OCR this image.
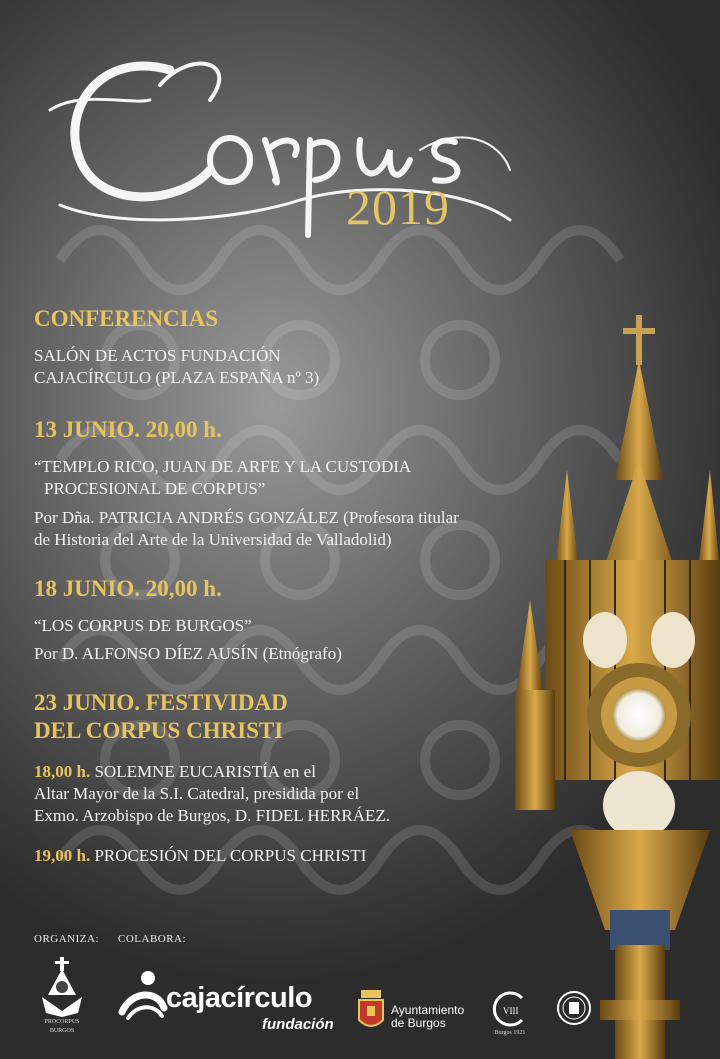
2019
CONFERENCIAS
SALÓN DE ACTOS FUNDACIÓN
CAJACÍRCULO (PLAZA ESPAÑA nº 3)
13 JUNIO. 20,00 h.
“TEMPLO RICO, JUAN DE ARFE Y LA CUSTODIA
PROCESIONAL DE CORPUS”
Por Dña. PATRICIA ANDRÉS GONZÁLEZ (Profesora titular
de Historia del Arte de la Universidad de Valladolid)
18 JUNIO. 20,00 h.
“LOS CORPUS DE BURGOS”
Por D. ALFONSO DÍEZ AUSÍN (Etnógrafo)
23 JUNIO. FESTIVIDAD
DEL CORPUS CHRISTI
18,00 h. SOLEMNE EUCARISTÍA en el
Altar Mayor de la S.I. Catedral, presidida por el
Exmo. Arzobispo de Burgos, D. FIDEL HERRÁEZ.
19,00 h. PROCESIÓN DEL CORPUS CHRISTI
ORGANIZA: COLABORA:
PROCORPUS
BURGOS
cajacírculo
fundación
Ayuntamiento
de Burgos
VIII
Burgos 1921
